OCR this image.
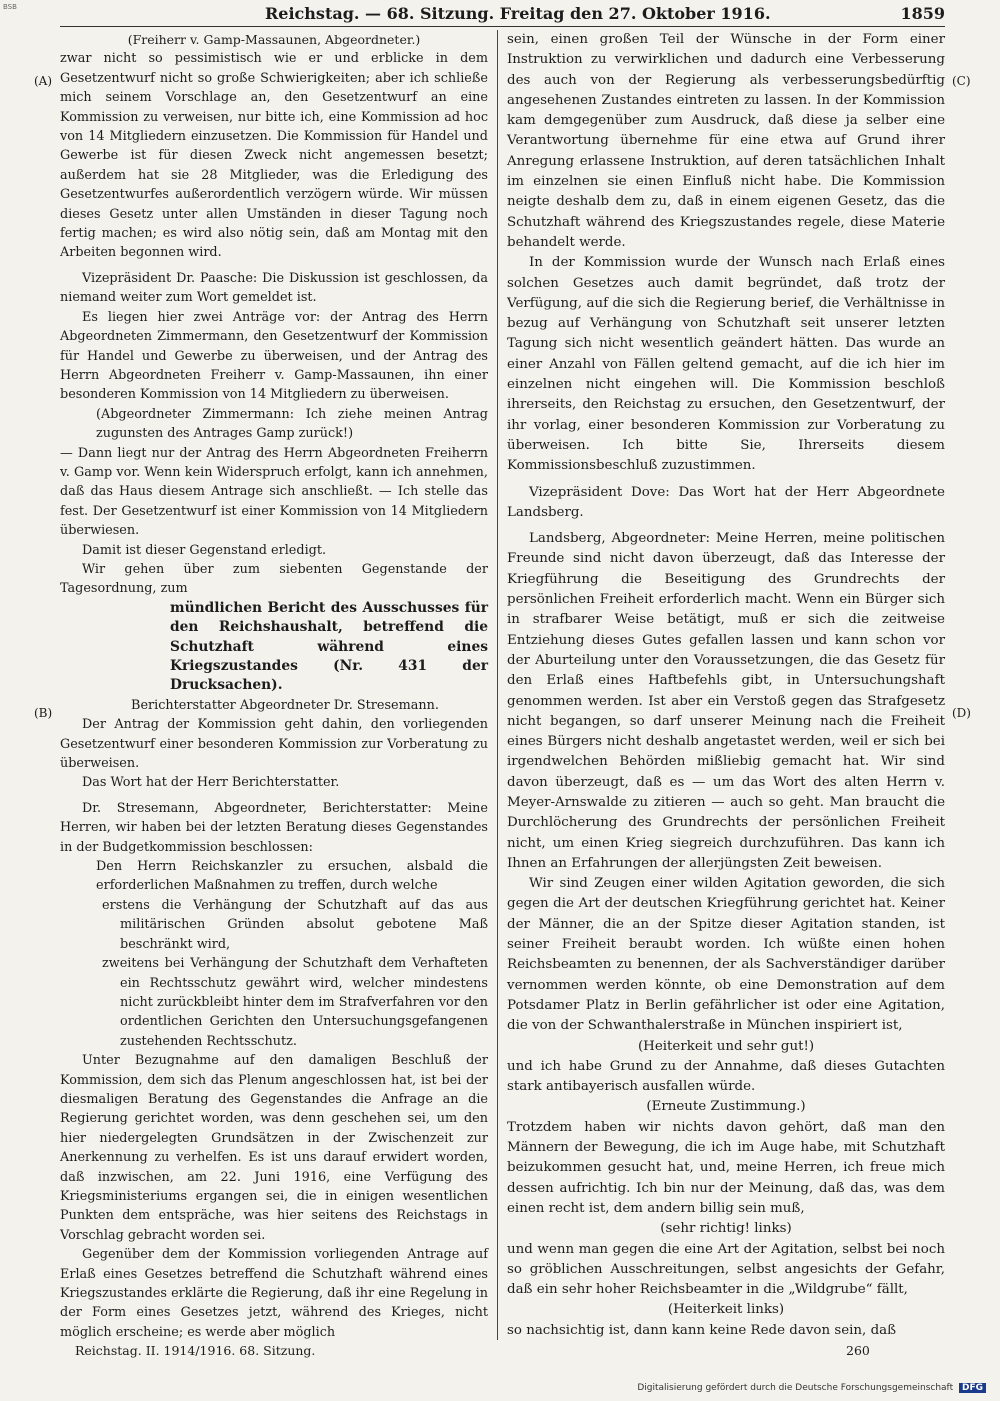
BSB	Reichstag. — 68. Sitzung. Freitag den 27. Oktober 1916.	1859
(A)
(B)
(C)
(D)

(Freiherr v. Gamp-Massaunen, Abgeordneter.)

zwar nicht so pessimistisch wie er und erblicke in dem Gesetzentwurf nicht so große Schwierigkeiten; aber ich schließe mich seinem Vorschlage an, den Gesetzentwurf an eine Kommission zu verweisen, nur bitte ich, eine Kommission ad hoc von 14 Mitgliedern einzusetzen. Die Kommission für Handel und Gewerbe ist für diesen Zweck nicht angemessen besetzt; außerdem hat sie 28 Mitglieder, was die Erledigung des Gesetzentwurfes außerordentlich verzögern würde. Wir müssen dieses Gesetz unter allen Umständen in dieser Tagung noch fertig machen; es wird also nötig sein, daß am Montag mit den Arbeiten begonnen wird.

Vizepräsident Dr. Paasche: Die Diskussion ist geschlossen, da niemand weiter zum Wort gemeldet ist.

Es liegen hier zwei Anträge vor: der Antrag des Herrn Abgeordneten Zimmermann, den Gesetzentwurf der Kommission für Handel und Gewerbe zu überweisen, und der Antrag des Herrn Abgeordneten Freiherr v. Gamp-Massaunen, ihn einer besonderen Kommission von 14 Mitgliedern zu überweisen.

(Abgeordneter Zimmermann: Ich ziehe meinen Antrag zugunsten des Antrages Gamp zurück!)

— Dann liegt nur der Antrag des Herrn Abgeordneten Freiherrn v. Gamp vor. Wenn kein Widerspruch erfolgt, kann ich annehmen, daß das Haus diesem Antrage sich anschließt. — Ich stelle das fest. Der Gesetzentwurf ist einer Kommission von 14 Mitgliedern überwiesen.

Damit ist dieser Gegenstand erledigt.

Wir gehen über zum siebenten Gegenstande der Tagesordnung, zum

mündlichen Bericht des Ausschusses für den Reichshaushalt, betreffend die Schutzhaft während eines Kriegszustandes (Nr. 431 der Drucksachen).

Berichterstatter Abgeordneter Dr. Stresemann.

Der Antrag der Kommission geht dahin, den vorliegenden Gesetzentwurf einer besonderen Kommission zur Vorberatung zu überweisen.

Das Wort hat der Herr Berichterstatter.

Dr. Stresemann, Abgeordneter, Berichterstatter: Meine Herren, wir haben bei der letzten Beratung dieses Gegenstandes in der Budgetkommission beschlossen:

Den Herrn Reichskanzler zu ersuchen, alsbald die erforderlichen Maßnahmen zu treffen, durch welche

erstens die Verhängung der Schutzhaft auf das aus militärischen Gründen absolut gebotene Maß beschränkt wird,

zweitens bei Verhängung der Schutzhaft dem Verhafteten ein Rechtsschutz gewährt wird, welcher mindestens nicht zurückbleibt hinter dem im Strafverfahren vor den ordentlichen Gerichten den Untersuchungsgefangenen zustehenden Rechtsschutz.

Unter Bezugnahme auf den damaligen Beschluß der Kommission, dem sich das Plenum angeschlossen hat, ist bei der diesmaligen Beratung des Gegenstandes die Anfrage an die Regierung gerichtet worden, was denn geschehen sei, um den hier niedergelegten Grundsätzen in der Zwischenzeit zur Anerkennung zu verhelfen. Es ist uns darauf erwidert worden, daß inzwischen, am 22. Juni 1916, eine Verfügung des Kriegsministeriums ergangen sei, die in einigen wesentlichen Punkten dem entspräche, was hier seitens des Reichstags in Vorschlag gebracht worden sei.

Gegenüber dem der Kommission vorliegenden Antrage auf Erlaß eines Gesetzes betreffend die Schutzhaft während eines Kriegszustandes erklärte die Regierung, daß ihr eine Regelung in der Form eines Gesetzes jetzt, während des Krieges, nicht möglich erscheine; es werde aber möglich

sein, einen großen Teil der Wünsche in der Form einer Instruktion zu verwirklichen und dadurch eine Verbesserung des auch von der Regierung als verbesserungsbedürftig angesehenen Zustandes eintreten zu lassen. In der Kommission kam demgegenüber zum Ausdruck, daß diese ja selber eine Verantwortung übernehme für eine etwa auf Grund ihrer Anregung erlassene Instruktion, auf deren tatsächlichen Inhalt im einzelnen sie einen Einfluß nicht habe. Die Kommission neigte deshalb dem zu, daß in einem eigenen Gesetz, das die Schutzhaft während des Kriegszustandes regele, diese Materie behandelt werde.

In der Kommission wurde der Wunsch nach Erlaß eines solchen Gesetzes auch damit begründet, daß trotz der Verfügung, auf die sich die Regierung berief, die Verhältnisse in bezug auf Verhängung von Schutzhaft seit unserer letzten Tagung sich nicht wesentlich geändert hätten. Das wurde an einer Anzahl von Fällen geltend gemacht, auf die ich hier im einzelnen nicht eingehen will. Die Kommission beschloß ihrerseits, den Reichstag zu ersuchen, den Gesetzentwurf, der ihr vorlag, einer besonderen Kommission zur Vorberatung zu überweisen. Ich bitte Sie, Ihrerseits diesem Kommissionsbeschluß zuzustimmen.

Vizepräsident Dove: Das Wort hat der Herr Abgeordnete Landsberg.

Landsberg, Abgeordneter: Meine Herren, meine politischen Freunde sind nicht davon überzeugt, daß das Interesse der Kriegführung die Beseitigung des Grundrechts der persönlichen Freiheit erforderlich macht. Wenn ein Bürger sich in strafbarer Weise betätigt, muß er sich die zeitweise Entziehung dieses Gutes gefallen lassen und kann schon vor der Aburteilung unter den Voraussetzungen, die das Gesetz für den Erlaß eines Haftbefehls gibt, in Untersuchungshaft genommen werden. Ist aber ein Verstoß gegen das Strafgesetz nicht begangen, so darf unserer Meinung nach die Freiheit eines Bürgers nicht deshalb angetastet werden, weil er sich bei irgendwelchen Behörden mißliebig gemacht hat. Wir sind davon überzeugt, daß es — um das Wort des alten Herrn v. Meyer-Arnswalde zu zitieren — auch so geht. Man braucht die Durchlöcherung des Grundrechts der persönlichen Freiheit nicht, um einen Krieg siegreich durchzuführen. Das kann ich Ihnen an Erfahrungen der allerjüngsten Zeit beweisen.

Wir sind Zeugen einer wilden Agitation geworden, die sich gegen die Art der deutschen Kriegführung gerichtet hat. Keiner der Männer, die an der Spitze dieser Agitation standen, ist seiner Freiheit beraubt worden. Ich wüßte einen hohen Reichsbeamten zu benennen, der als Sachverständiger darüber vernommen werden könnte, ob eine Demonstration auf dem Potsdamer Platz in Berlin gefährlicher ist oder eine Agitation, die von der Schwanthalerstraße in München inspiriert ist,

(Heiterkeit und sehr gut!)

und ich habe Grund zu der Annahme, daß dieses Gutachten stark antibayerisch ausfallen würde.

(Erneute Zustimmung.)

Trotzdem haben wir nichts davon gehört, daß man den Männern der Bewegung, die ich im Auge habe, mit Schutzhaft beizukommen gesucht hat, und, meine Herren, ich freue mich dessen aufrichtig. Ich bin nur der Meinung, daß das, was dem einen recht ist, dem andern billig sein muß,

(sehr richtig! links)

und wenn man gegen die eine Art der Agitation, selbst bei noch so gröblichen Ausschreitungen, selbst angesichts der Gefahr, daß ein sehr hoher Reichsbeamter in die „Wildgrube“ fällt,

(Heiterkeit links)

so nachsichtig ist, dann kann keine Rede davon sein, daß

Reichstag. II. 1914/1916. 68. Sitzung.	260
Digitalisierung gefördert durch die Deutsche Forschungsgemeinschaft DFG
